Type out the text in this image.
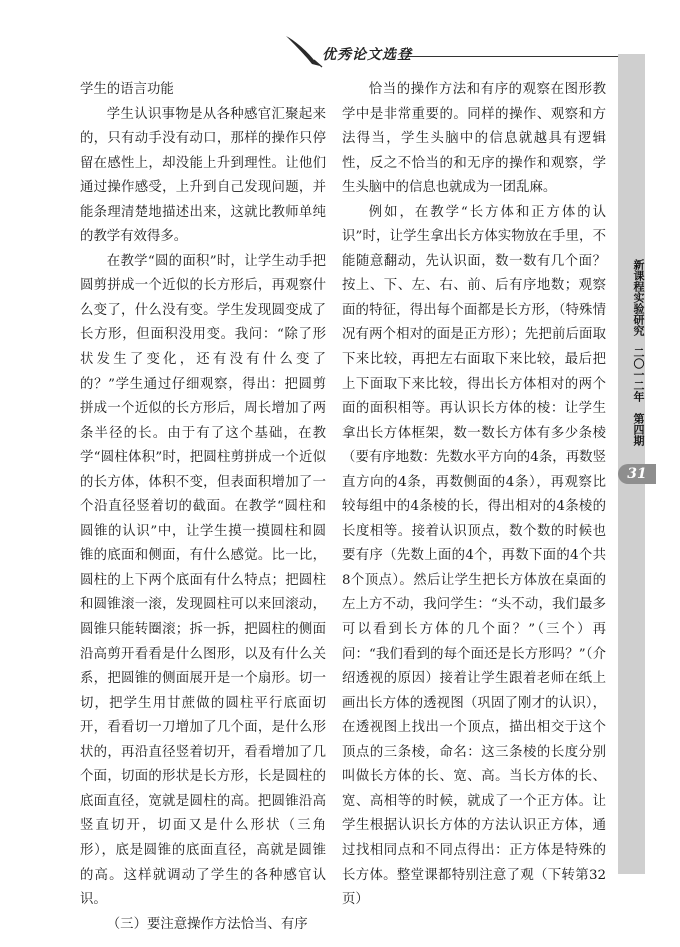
优秀论文选登

学生的语言功能

学生认识事物是从各种感官汇聚起来的，只有动手没有动口，那样的操作只停留在感性上，却没能上升到理性。让他们通过操作感受，上升到自己发现问题，并能条理清楚地描述出来，这就比教师单纯的教学有效得多。

在教学“圆的面积”时，让学生动手把圆剪拼成一个近似的长方形后，再观察什么变了，什么没有变。学生发现圆变成了长方形，但面积没用变。我问：“除了形状发生了变化，还有没有什么变了的？”学生通过仔细观察，得出：把圆剪拼成一个近似的长方形后，周长增加了两条半径的长。由于有了这个基础，在教学“圆柱体积”时，把圆柱剪拼成一个近似的长方体，体积不变，但表面积增加了一个沿直径竖着切的截面。在教学“圆柱和圆锥的认识”中，让学生摸一摸圆柱和圆锥的底面和侧面，有什么感觉。比一比，圆柱的上下两个底面有什么特点；把圆柱和圆锥滚一滚，发现圆柱可以来回滚动，圆锥只能转圈滚；拆一拆，把圆柱的侧面沿高剪开看看是什么图形，以及有什么关系，把圆锥的侧面展开是一个扇形。切一切，把学生用甘蔗做的圆柱平行底面切开，看看切一刀增加了几个面，是什么形状的，再沿直径竖着切开，看看增加了几个面，切面的形状是长方形，长是圆柱的底面直径，宽就是圆柱的高。把圆锥沿高竖直切开，切面又是什么形状（三角形），底是圆锥的底面直径，高就是圆锥的高。这样就调动了学生的各种感官认识。

（三）要注意操作方法恰当、有序

恰当的操作方法和有序的观察在图形教学中是非常重要的。同样的操作、观察和方法得当，学生头脑中的信息就越具有逻辑性，反之不恰当的和无序的操作和观察，学生头脑中的信息也就成为一团乱麻。

例如，在教学“长方体和正方体的认识”时，让学生拿出长方体实物放在手里，不能随意翻动，先认识面，数一数有几个面？按上、下、左、右、前、后有序地数；观察面的特征，得出每个面都是长方形，（特殊情况有两个相对的面是正方形）；先把前后面取下来比较，再把左右面取下来比较，最后把上下面取下来比较，得出长方体相对的两个面的面积相等。再认识长方体的棱：让学生拿出长方体框架，数一数长方体有多少条棱（要有序地数：先数水平方向的4条，再数竖直方向的4条，再数侧面的4条），再观察比较每组中的4条棱的长，得出相对的4条棱的长度相等。接着认识顶点，数个数的时候也要有序（先数上面的4个，再数下面的4个共8个顶点）。然后让学生把长方体放在桌面的左上方不动，我问学生：“头不动，我们最多可以看到长方体的几个面？”（三个）再问：“我们看到的每个面还是长方形吗？”（介绍透视的原因）接着让学生跟着老师在纸上画出长方体的透视图（巩固了刚才的认识），在透视图上找出一个顶点，描出相交于这个顶点的三条棱，命名：这三条棱的长度分别叫做长方体的长、宽、高。当长方体的长、宽、高相等的时候，就成了一个正方体。让学生根据认识长方体的方法认识正方体，通过找相同点和不同点得出：正方体是特殊的长方体。整堂课都特别注意了观（下转第32页）

新课程实验研究　二〇一二年　第四期
31
